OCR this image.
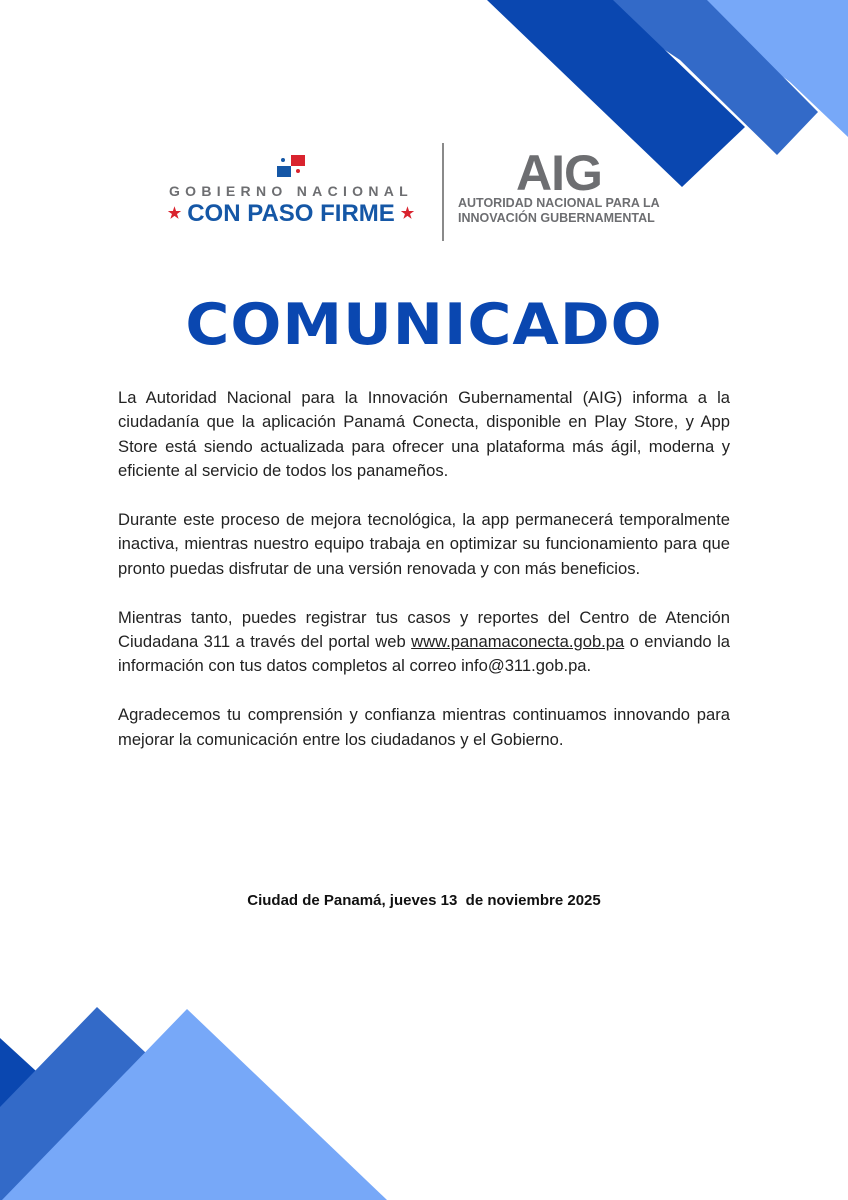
GOBIERNO NACIONAL
★ CON PASO FIRME ★
AIG
AUTORIDAD NACIONAL PARA LA
INNOVACIÓN GUBERNAMENTAL
COMUNICADO

La Autoridad Nacional para la Innovación Gubernamental (AIG) informa a la ciudadanía que la aplicación Panamá Conecta, disponible en Play Store, y App Store está siendo actualizada para ofrecer una plataforma más ágil, moderna y eficiente al servicio de todos los panameños.

Durante este proceso de mejora tecnológica, la app permanecerá temporalmente inactiva, mientras nuestro equipo trabaja en optimizar su funcionamiento para que pronto puedas disfrutar de una versión renovada y con más beneficios.

Mientras tanto, puedes registrar tus casos y reportes del Centro de Atención Ciudadana 311 a través del portal web www.panamaconecta.gob.pa o enviando la información con tus datos completos al correo info@311.gob.pa.

Agradecemos tu comprensión y confianza mientras continuamos innovando para mejorar la comunicación entre los ciudadanos y el Gobierno.

Ciudad de Panamá, jueves 13  de noviembre 2025
